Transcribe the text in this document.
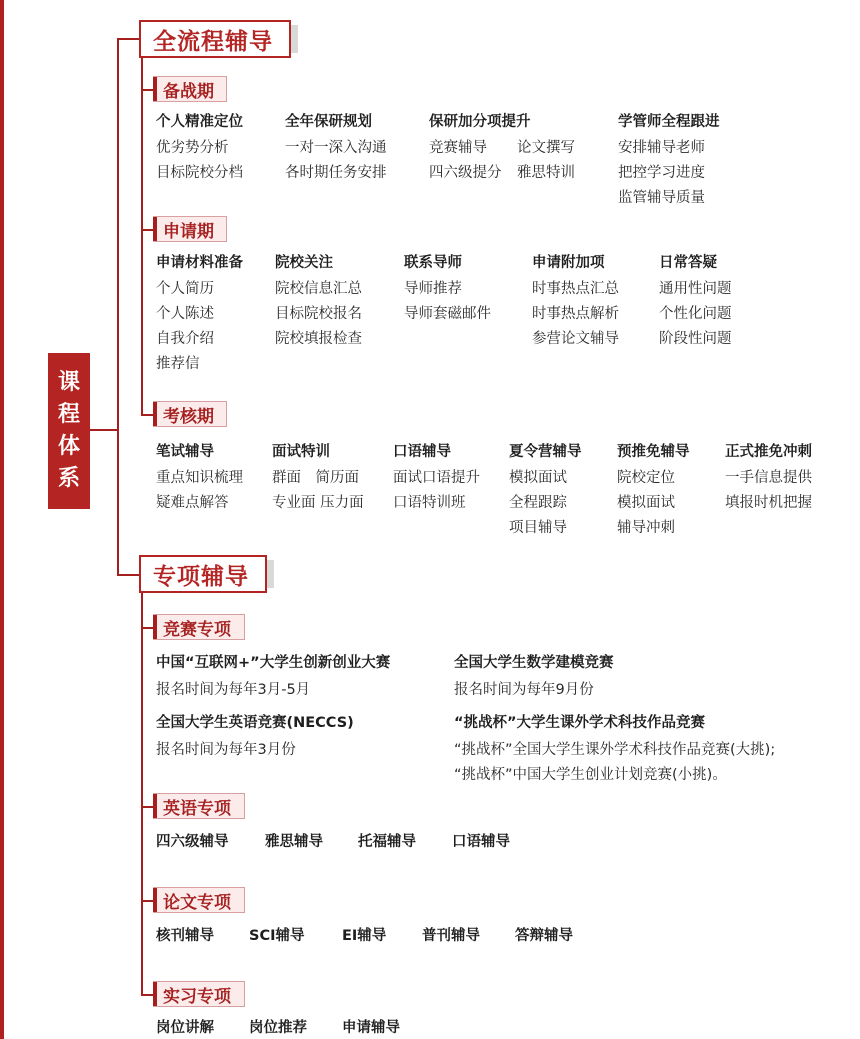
课
程
体
系
全流程辅导
备战期
个人精准定位
优劣势分析
目标院校分档
全年保研规划
一对一深入沟通
各时期任务安排
保研加分项提升
竞赛辅导
四六级提分
论文撰写
雅思特训
学管师全程跟进
安排辅导老师
把控学习进度
监管辅导质量
申请期
申请材料准备
个人简历
个人陈述
自我介绍
推荐信
院校关注
院校信息汇总
目标院校报名
院校填报检查
联系导师
导师推荐
导师套磁邮件
申请附加项
时事热点汇总
时事热点解析
参营论文辅导
日常答疑
通用性问题
个性化问题
阶段性问题
考核期
笔试辅导
重点知识梳理
疑难点解答
面试特训
群面　简历面
专业面 压力面
口语辅导
面试口语提升
口语特训班
夏令营辅导
模拟面试
全程跟踪
项目辅导
预推免辅导
院校定位
模拟面试
辅导冲刺
正式推免冲刺
一手信息提供
填报时机把握
专项辅导
竞赛专项
中国“互联网+”大学生创新创业大赛
报名时间为每年3月-5月
全国大学生数学建模竞赛
报名时间为每年9月份
全国大学生英语竞赛(NECCS)
报名时间为每年3月份
“挑战杯”大学生课外学术科技作品竞赛
“挑战杯”全国大学生课外学术科技作品竞赛(大挑);
“挑战杯”中国大学生创业计划竞赛(小挑)。
英语专项
四六级辅导	雅思辅导 托福辅导 口语辅导
论文专项
核刊辅导 SCI辅导	EI辅导 普刊辅导 答辩辅导
实习专项
岗位讲解 岗位推荐 申请辅导
